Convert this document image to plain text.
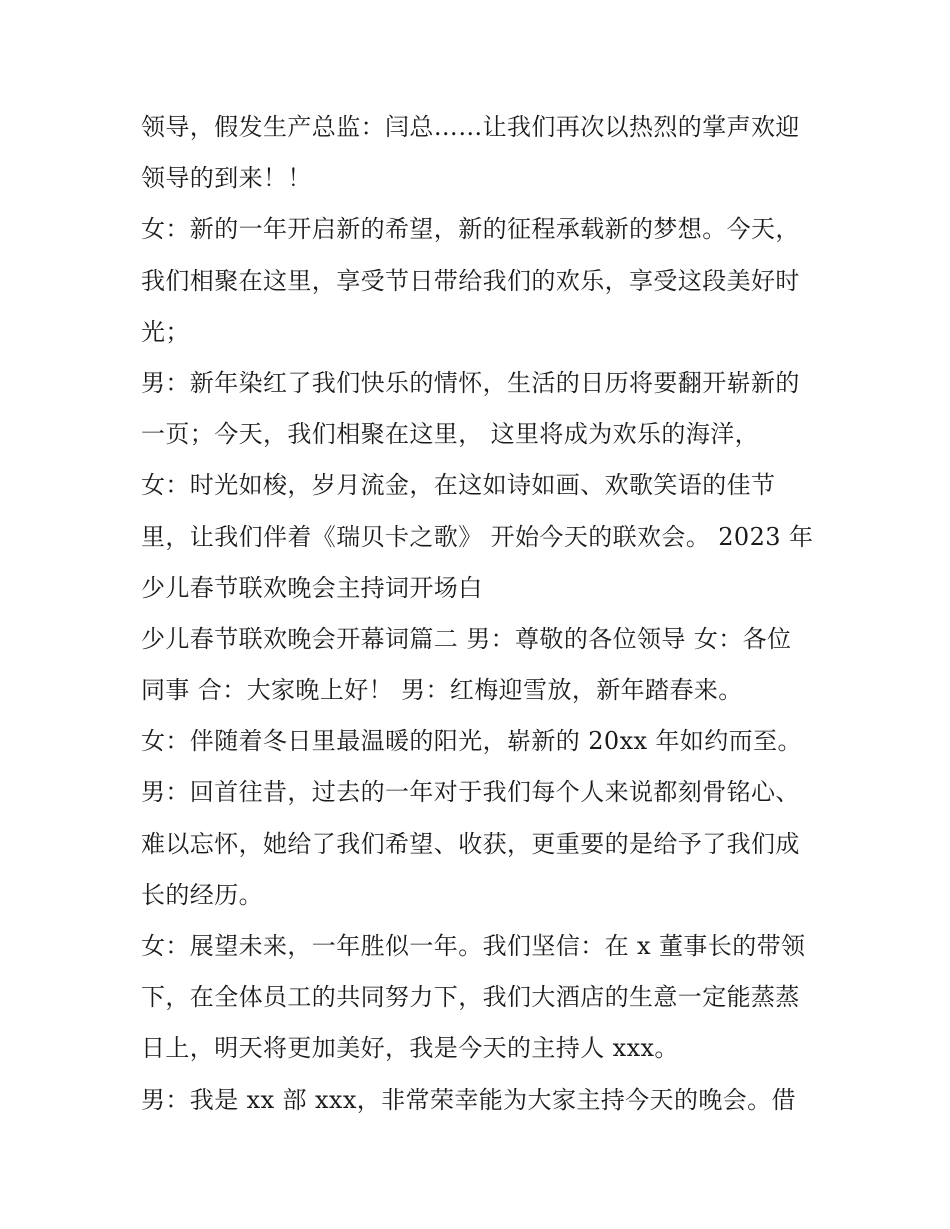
领导，假发生产总监：闫总……让我们再次以热烈的掌声欢迎
领导的到来！！
女：新的一年开启新的希望，新的征程承载新的梦想。今天，
我们相聚在这里，享受节日带给我们的欢乐，享受这段美好时
光；
男：新年染红了我们快乐的情怀，生活的日历将要翻开崭新的
一页；今天，我们相聚在这里， 这里将成为欢乐的海洋，
女：时光如梭，岁月流金，在这如诗如画、欢歌笑语的佳节
里，让我们伴着《瑞贝卡之歌》 开始今天的联欢会。 2023 年
少儿春节联欢晚会主持词开场白
少儿春节联欢晚会开幕词篇二 男：尊敬的各位领导 女：各位
同事 合：大家晚上好！ 男：红梅迎雪放，新年踏春来。
女：伴随着冬日里最温暖的阳光，崭新的 20xx 年如约而至。
男：回首往昔，过去的一年对于我们每个人来说都刻骨铭心、
难以忘怀，她给了我们希望、收获，更重要的是给予了我们成
长的经历。
女：展望未来，一年胜似一年。我们坚信：在 x 董事长的带领
下，在全体员工的共同努力下，我们大酒店的生意一定能蒸蒸
日上，明天将更加美好，我是今天的主持人 xxx。
男：我是 xx 部 xxx，非常荣幸能为大家主持今天的晚会。借
